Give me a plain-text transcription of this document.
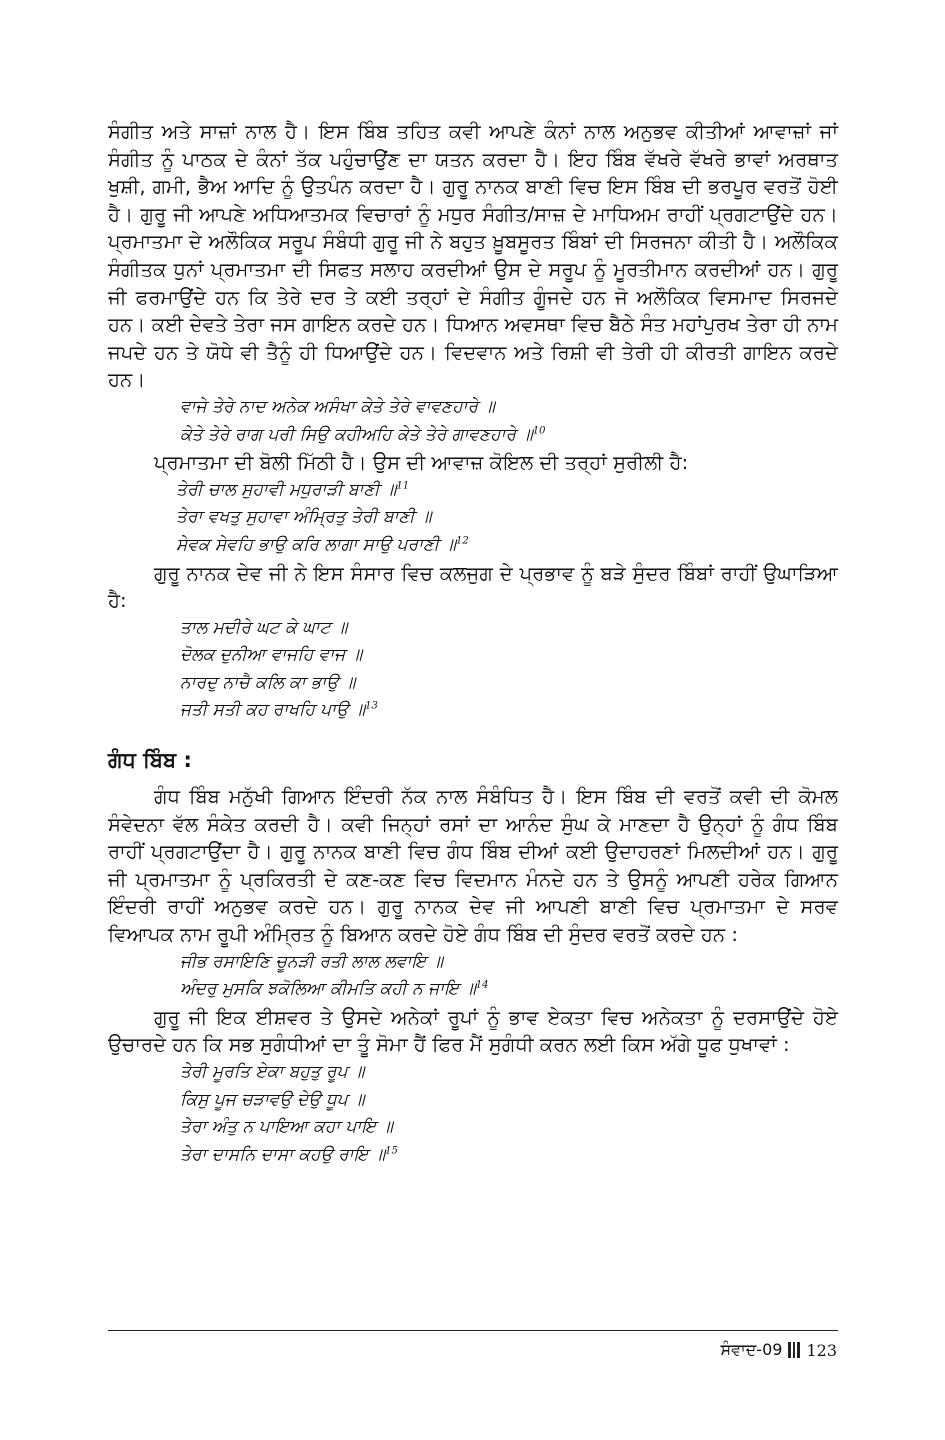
ਸੰਗੀਤ ਅਤੇ ਸਾਜ਼ਾਂ ਨਾਲ ਹੈ। ਇਸ ਬਿੰਬ ਤਹਿਤ ਕਵੀ ਆਪਣੇ ਕੰਨਾਂ ਨਾਲ ਅਨੁਭਵ ਕੀਤੀਆਂ ਆਵਾਜ਼ਾਂ ਜਾਂ ਸੰਗੀਤ ਨੂੰ ਪਾਠਕ ਦੇ ਕੰਨਾਂ ਤੱਕ ਪਹੁੰਚਾਉਂਣ ਦਾ ਯਤਨ ਕਰਦਾ ਹੈ। ਇਹ ਬਿੰਬ ਵੱਖਰੇ ਵੱਖਰੇ ਭਾਵਾਂ ਅਰਥਾਤ ਖੁਸ਼ੀ, ਗਮੀ, ਭੈਅ ਆਦਿ ਨੂੰ ਉਤਪੰਨ ਕਰਦਾ ਹੈ। ਗੁਰੂ ਨਾਨਕ ਬਾਣੀ ਵਿਚ ਇਸ ਬਿੰਬ ਦੀ ਭਰਪੂਰ ਵਰਤੋਂ ਹੋਈ ਹੈ। ਗੁਰੂ ਜੀ ਆਪਣੇ ਅਧਿਆਤਮਕ ਵਿਚਾਰਾਂ ਨੂੰ ਮਧੁਰ ਸੰਗੀਤ/ਸਾਜ਼ ਦੇ ਮਾਧਿਅਮ ਰਾਹੀਂ ਪ੍ਰਗਟਾਉਂਦੇ ਹਨ। ਪ੍ਰਮਾਤਮਾ ਦੇ ਅਲੌਕਿਕ ਸਰੂਪ ਸੰਬੰਧੀ ਗੁਰੂ ਜੀ ਨੇ ਬਹੁਤ ਖ਼ੂਬਸੂਰਤ ਬਿੰਬਾਂ ਦੀ ਸਿਰਜਨਾ ਕੀਤੀ ਹੈ। ਅਲੌਕਿਕ ਸੰਗੀਤਕ ਧੁਨਾਂ ਪ੍ਰਮਾਤਮਾ ਦੀ ਸਿਫਤ ਸਲਾਹ ਕਰਦੀਆਂ ਉਸ ਦੇ ਸਰੂਪ ਨੂੰ ਮੂਰਤੀਮਾਨ ਕਰਦੀਆਂ ਹਨ। ਗੁਰੂ ਜੀ ਫਰਮਾਉਂਦੇ ਹਨ ਕਿ ਤੇਰੇ ਦਰ ਤੇ ਕਈ ਤਰ੍ਹਾਂ ਦੇ ਸੰਗੀਤ ਗੂੰਜਦੇ ਹਨ ਜੋ ਅਲੌਕਿਕ ਵਿਸਮਾਦ ਸਿਰਜਦੇ ਹਨ। ਕਈ ਦੇਵਤੇ ਤੇਰਾ ਜਸ ਗਾਇਨ ਕਰਦੇ ਹਨ। ਧਿਆਨ ਅਵਸਥਾ ਵਿਚ ਬੈਠੇ ਸੰਤ ਮਹਾਂਪੁਰਖ ਤੇਰਾ ਹੀ ਨਾਮ ਜਪਦੇ ਹਨ ਤੇ ਯੋਧੇ ਵੀ ਤੈਨੂੰ ਹੀ ਧਿਆਉਂਦੇ ਹਨ। ਵਿਦਵਾਨ ਅਤੇ ਰਿਸ਼ੀ ਵੀ ਤੇਰੀ ਹੀ ਕੀਰਤੀ ਗਾਇਨ ਕਰਦੇ ਹਨ।

ਵਾਜੇ ਤੇਰੇ ਨਾਦ ਅਨੇਕ ਅਸੰਖਾ ਕੇਤੇ ਤੇਰੇ ਵਾਵਣਹਾਰੇ ॥

ਕੇਤੇ ਤੇਰੇ ਰਾਗ ਪਰੀ ਸਿਉ ਕਹੀਅਹਿ ਕੇਤੇ ਤੇਰੇ ਗਾਵਣਹਾਰੇ ॥$^{10}$

ਪ੍ਰਮਾਤਮਾ ਦੀ ਬੋਲੀ ਮਿੱਠੀ ਹੈ। ਉਸ ਦੀ ਆਵਾਜ਼ ਕੋਇਲ ਦੀ ਤਰ੍ਹਾਂ ਸੁਰੀਲੀ ਹੈ:

ਤੇਰੀ ਚਾਲ ਸੁਹਾਵੀ ਮਧੁਰਾੜੀ ਬਾਣੀ ॥$^{11}$

ਤੇਰਾ ਵਖਤੁ ਸੁਹਾਵਾ ਅੰਮ੍ਰਿਤੁ ਤੇਰੀ ਬਾਣੀ ॥

ਸੇਵਕ ਸੇਵਹਿ ਭਾਉ ਕਰਿ ਲਾਗਾ ਸਾਉ ਪਰਾਣੀ ॥$^{12}$

ਗੁਰੂ ਨਾਨਕ ਦੇਵ ਜੀ ਨੇ ਇਸ ਸੰਸਾਰ ਵਿਚ ਕਲਜੁਗ ਦੇ ਪ੍ਰਭਾਵ ਨੂੰ ਬੜੇ ਸੁੰਦਰ ਬਿੰਬਾਂ ਰਾਹੀਂ ਉਘਾੜਿਆ ਹੈ:

ਤਾਲ ਮਦੀਰੇ ਘਟ ਕੇ ਘਾਟ ॥

ਦੋਲਕ ਦੁਨੀਆ ਵਾਜਹਿ ਵਾਜ ॥

ਨਾਰਦੁ ਨਾਚੈ ਕਲਿ ਕਾ ਭਾਉ ॥

ਜਤੀ ਸਤੀ ਕਹ ਰਾਖਹਿ ਪਾਉ ॥$^{13}$

ਗੰਧ ਬਿੰਬ :

ਗੰਧ ਬਿੰਬ ਮਨੁੱਖੀ ਗਿਆਨ ਇੰਦਰੀ ਨੱਕ ਨਾਲ ਸੰਬੰਧਿਤ ਹੈ। ਇਸ ਬਿੰਬ ਦੀ ਵਰਤੋਂ ਕਵੀ ਦੀ ਕੋਮਲ ਸੰਵੇਦਨਾ ਵੱਲ ਸੰਕੇਤ ਕਰਦੀ ਹੈ। ਕਵੀ ਜਿਨ੍ਹਾਂ ਰਸਾਂ ਦਾ ਆਨੰਦ ਸੁੰਘ ਕੇ ਮਾਣਦਾ ਹੈ ਉਨ੍ਹਾਂ ਨੂੰ ਗੰਧ ਬਿੰਬ ਰਾਹੀਂ ਪ੍ਰਗਟਾਉਂਦਾ ਹੈ। ਗੁਰੂ ਨਾਨਕ ਬਾਣੀ ਵਿਚ ਗੰਧ ਬਿੰਬ ਦੀਆਂ ਕਈ ਉਦਾਹਰਣਾਂ ਮਿਲਦੀਆਂ ਹਨ। ਗੁਰੂ ਜੀ ਪ੍ਰਮਾਤਮਾ ਨੂੰ ਪ੍ਰਕਿਰਤੀ ਦੇ ਕਣ-ਕਣ ਵਿਚ ਵਿਦਮਾਨ ਮੰਨਦੇ ਹਨ ਤੇ ਉਸਨੂੰ ਆਪਣੀ ਹਰੇਕ ਗਿਆਨ ਇੰਦਰੀ ਰਾਹੀਂ ਅਨੁਭਵ ਕਰਦੇ ਹਨ। ਗੁਰੂ ਨਾਨਕ ਦੇਵ ਜੀ ਆਪਣੀ ਬਾਣੀ ਵਿਚ ਪ੍ਰਮਾਤਮਾ ਦੇ ਸਰਵ ਵਿਆਪਕ ਨਾਮ ਰੂਪੀ ਅੰਮ੍ਰਿਤ ਨੂੰ ਬਿਆਨ ਕਰਦੇ ਹੋਏ ਗੰਧ ਬਿੰਬ ਦੀ ਸੁੰਦਰ ਵਰਤੋਂ ਕਰਦੇ ਹਨ :

ਜੀਭ ਰਸਾਇਣਿ ਚੂਨੜੀ ਰਤੀ ਲਾਲ ਲਵਾਇ ॥

ਅੰਦਰੁ ਮੁਸਕਿ ਝਕੋਲਿਆ ਕੀਮਤਿ ਕਹੀ ਨ ਜਾਇ ॥$^{14}$

ਗੁਰੂ ਜੀ ਇਕ ਈਸ਼ਵਰ ਤੇ ਉਸਦੇ ਅਨੇਕਾਂ ਰੂਪਾਂ ਨੂੰ ਭਾਵ ਏਕਤਾ ਵਿਚ ਅਨੇਕਤਾ ਨੂੰ ਦਰਸਾਉਂਦੇ ਹੋਏ ਉਚਾਰਦੇ ਹਨ ਕਿ ਸਭ ਸੁਗੰਧੀਆਂ ਦਾ ਤੂੰ ਸੋਮਾ ਹੈਂ ਫਿਰ ਮੈਂ ਸੁਗੰਧੀ ਕਰਨ ਲਈ ਕਿਸ ਅੱਗੇ ਧੂਫ ਧੁਖਾਵਾਂ :

ਤੇਰੀ ਮੂਰਤਿ ਏਕਾ ਬਹੁਤੁ ਰੂਪ ॥

ਕਿਸੁ ਪੂਜ ਚੜਾਵਉ ਦੇਉ ਧੂਪ ॥

ਤੇਰਾ ਅੰਤੁ ਨ ਪਾਇਆ ਕਹਾ ਪਾਇ ॥

ਤੇਰਾ ਦਾਸਨਿ ਦਾਸਾ ਕਹਉ ਰਾਇ ॥$^{15}$

ਸੰਵਾਦ-09 123
